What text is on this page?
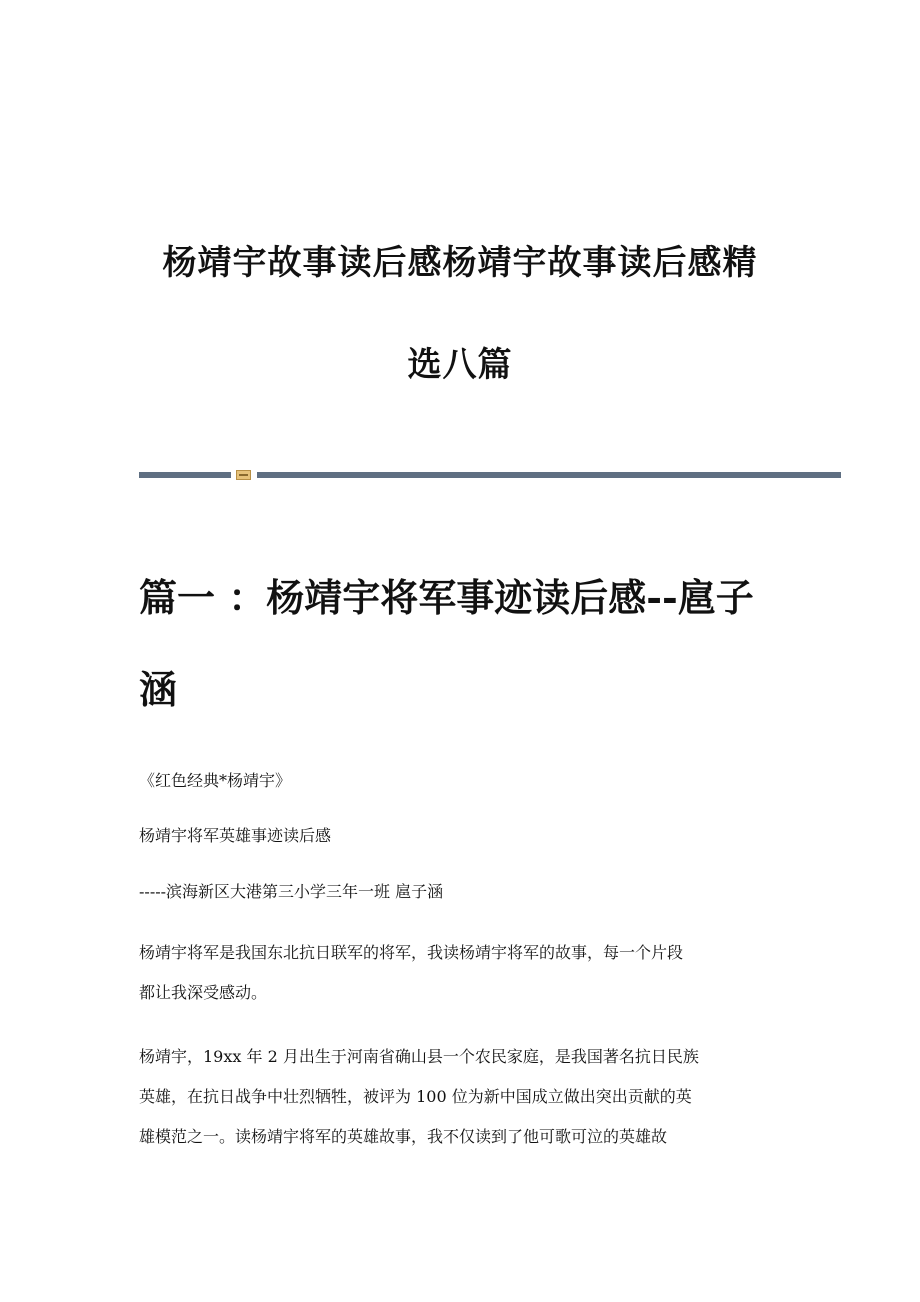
杨靖宇故事读后感杨靖宇故事读后感精
选八篇
篇一 ：杨靖宇将军事迹读后感--扈子
涵

《红色经典*杨靖宇》

杨靖宇将军英雄事迹读后感

-----滨海新区大港第三小学三年一班 扈子涵

杨靖宇将军是我国东北抗日联军的将军，我读杨靖宇将军的故事，每一个片段
都让我深受感动。

杨靖宇，19xx 年 2 月出生于河南省确山县一个农民家庭，是我国著名抗日民族
英雄，在抗日战争中壮烈牺牲，被评为 100 位为新中国成立做出突出贡献的英
雄模范之一。读杨靖宇将军的英雄故事，我不仅读到了他可歌可泣的英雄故
